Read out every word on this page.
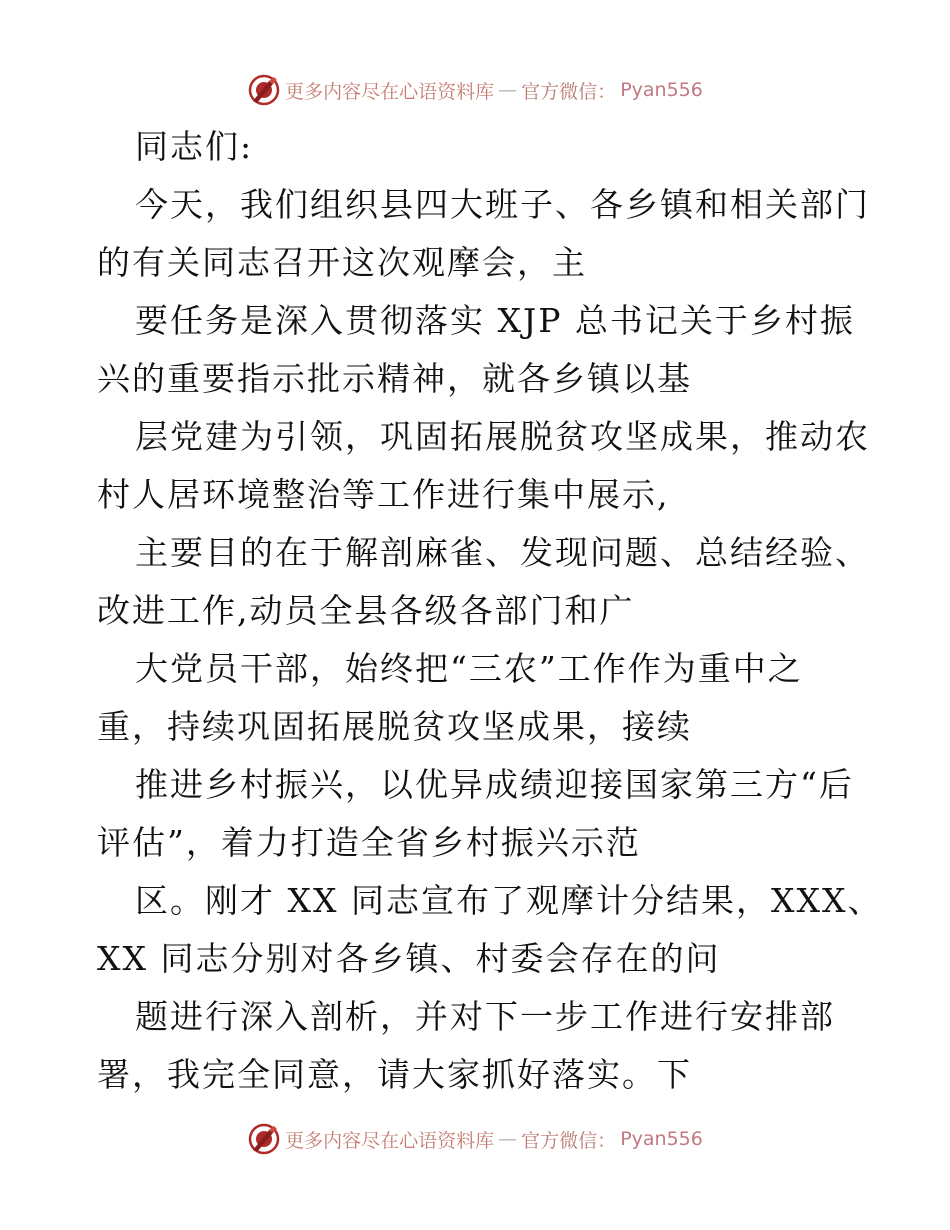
更多内容尽在心语资料库 — 官方微信： Pyan556
同志们:
今天，我们组织县四大班子、各乡镇和相关部门
的有关同志召开这次观摩会，主
要任务是深入贯彻落实 XJP 总书记关于乡村振
兴的重要指示批示精神，就各乡镇以基
层党建为引领，巩固拓展脱贫攻坚成果，推动农
村人居环境整治等工作进行集中展示,
主要目的在于解剖麻雀、发现问题、总结经验、
改进工作,动员全县各级各部门和广
大党员干部，始终把“三农”工作作为重中之
重，持续巩固拓展脱贫攻坚成果，接续
推进乡村振兴，以优异成绩迎接国家第三方“后
评估”，着力打造全省乡村振兴示范
区。刚才 XX 同志宣布了观摩计分结果，XXX、
XX 同志分别对各乡镇、村委会存在的问
题进行深入剖析，并对下一步工作进行安排部
署，我完全同意，请大家抓好落实。下
更多内容尽在心语资料库 — 官方微信： Pyan556
